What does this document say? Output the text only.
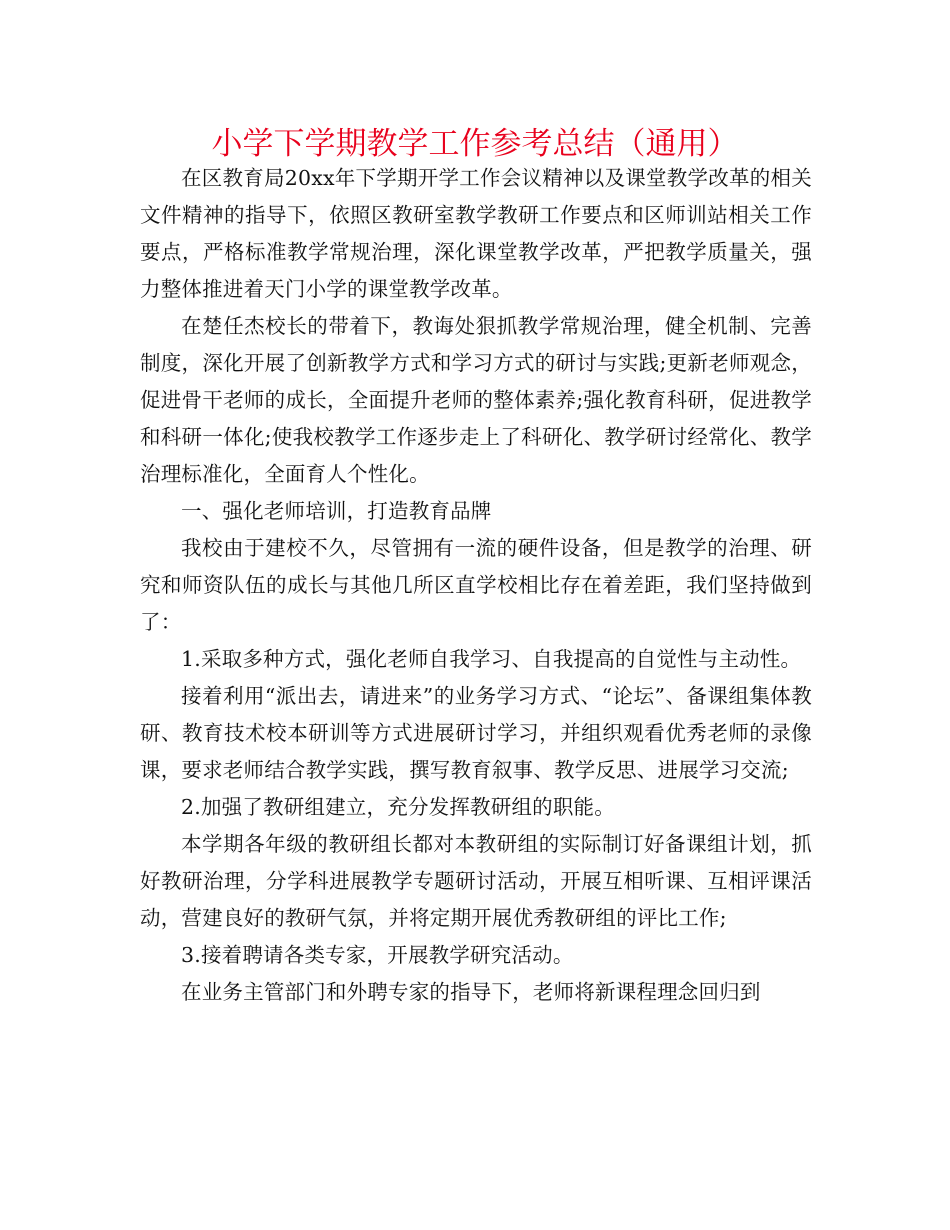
小学下学期教学工作参考总结（通用）

在区教育局20xx年下学期开学工作会议精神以及课堂教学改革的相关文件精神的指导下，依照区教研室教学教研工作要点和区师训站相关工作要点，严格标准教学常规治理，深化课堂教学改革，严把教学质量关，强力整体推进着天门小学的课堂教学改革。

在楚任杰校长的带着下，教诲处狠抓教学常规治理，健全机制、完善制度，深化开展了创新教学方式和学习方式的研讨与实践;更新老师观念，促进骨干老师的成长，全面提升老师的整体素养;强化教育科研，促进教学和科研一体化;使我校教学工作逐步走上了科研化、教学研讨经常化、教学治理标准化，全面育人个性化。

一、强化老师培训，打造教育品牌

我校由于建校不久，尽管拥有一流的硬件设备，但是教学的治理、研究和师资队伍的成长与其他几所区直学校相比存在着差距，我们坚持做到了：

1.采取多种方式，强化老师自我学习、自我提高的自觉性与主动性。

接着利用“派出去，请进来”的业务学习方式、“论坛”、备课组集体教研、教育技术校本研训等方式进展研讨学习，并组织观看优秀老师的录像课，要求老师结合教学实践，撰写教育叙事、教学反思、进展学习交流;

2.加强了教研组建立，充分发挥教研组的职能。

本学期各年级的教研组长都对本教研组的实际制订好备课组计划，抓好教研治理，分学科进展教学专题研讨活动，开展互相听课、互相评课活动，营建良好的教研气氛，并将定期开展优秀教研组的评比工作;

3.接着聘请各类专家，开展教学研究活动。

在业务主管部门和外聘专家的指导下，老师将新课程理念回归到
